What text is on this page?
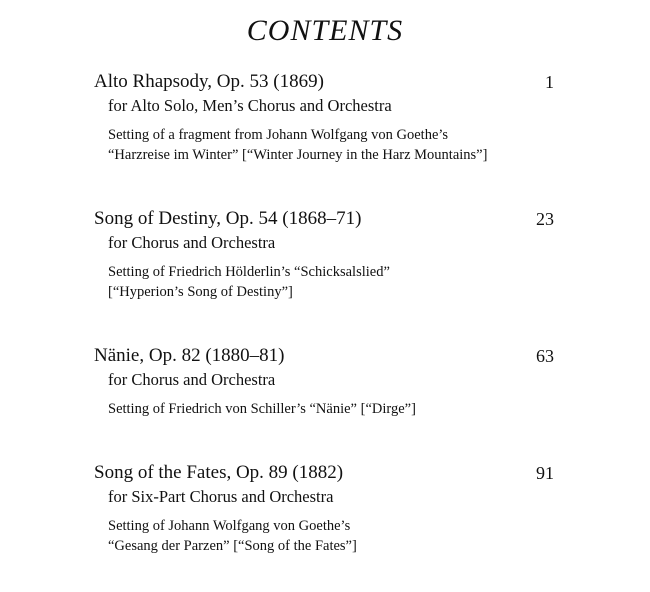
CONTENTS
Alto Rhapsody, Op. 53 (1869)	1
for Alto Solo, Men’s Chorus and Orchestra
Setting of a fragment from Johann Wolfgang von Goethe’s
“Harzreise im Winter” [“Winter Journey in the Harz Mountains”]
Song of Destiny, Op. 54 (1868–71)	23
for Chorus and Orchestra
Setting of Friedrich Hölderlin’s “Schicksalslied”
[“Hyperion’s Song of Destiny”]
Nänie, Op. 82 (1880–81)	63
for Chorus and Orchestra
Setting of Friedrich von Schiller’s “Nänie” [“Dirge”]
Song of the Fates, Op. 89 (1882)	91
for Six-Part Chorus and Orchestra
Setting of Johann Wolfgang von Goethe’s
“Gesang der Parzen” [“Song of the Fates”]
